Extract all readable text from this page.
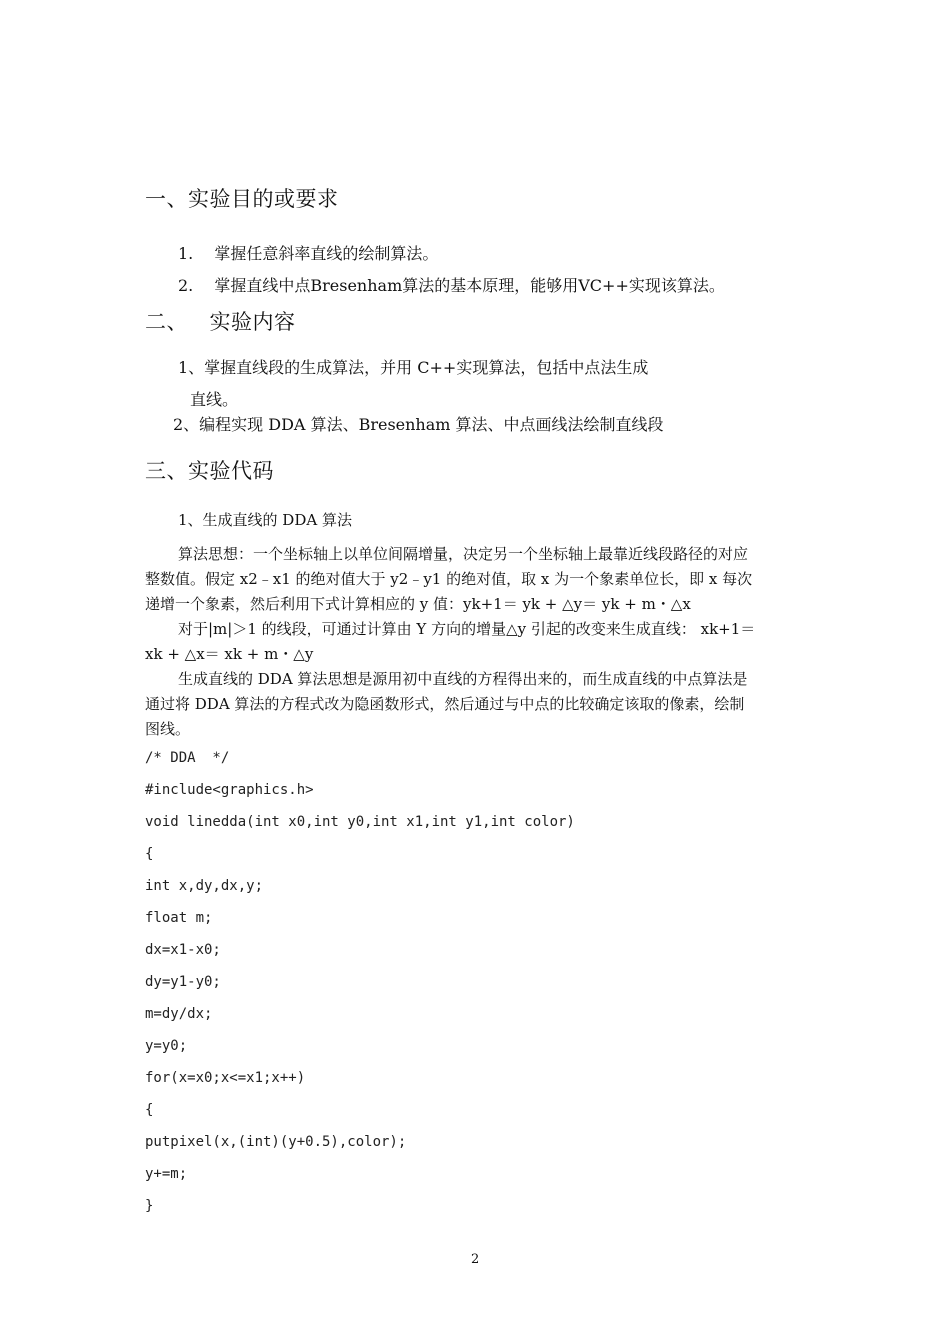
一、实验目的或要求
1. 掌握任意斜率直线的绘制算法。
2. 掌握直线中点Bresenham算法的基本原理，能够用VC++实现该算法。
二、   实验内容
1、掌握直线段的生成算法，并用 C++实现算法，包括中点法生成
直线。
2、编程实现 DDA 算法、Bresenham 算法、中点画线法绘制直线段
三、实验代码
1、生成直线的 DDA 算法
算法思想：一个坐标轴上以单位间隔增量，决定另一个坐标轴上最靠近线段路径的对应
整数值。假定 x2﹣x1 的绝对值大于 y2﹣y1 的绝对值，取 x 为一个象素单位长，即 x 每次
递增一个象素，然后利用下式计算相应的 y 值：yk+1＝ yk + △y＝ yk + m・△x
对于|m|＞1 的线段，可通过计算由 Y 方向的增量△y 引起的改变来生成直线： xk+1＝
xk + △x＝ xk + m・△y
生成直线的 DDA 算法思想是源用初中直线的方程得出来的，而生成直线的中点算法是
通过将 DDA 算法的方程式改为隐函数形式，然后通过与中点的比较确定该取的像素，绘制
图线。
/* DDA  */
#include<graphics.h>
void linedda(int x0,int y0,int x1,int y1,int color)
{
int x,dy,dx,y;
float m;
dx=x1-x0;
dy=y1-y0;
m=dy/dx;
y=y0;
for(x=x0;x<=x1;x++)
{
putpixel(x,(int)(y+0.5),color);
y+=m;
}
2
